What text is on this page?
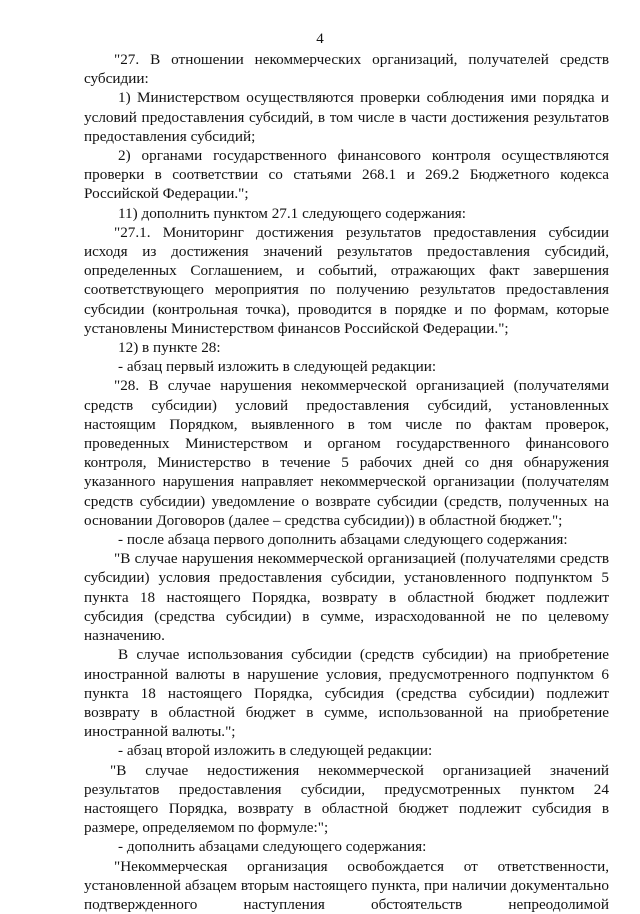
4

"27. В отношении некоммерческих организаций, получателей средств субсидии:

1) Министерством осуществляются проверки соблюдения ими порядка и условий предоставления субсидий, в том числе в части достижения результатов предоставления субсидий;

2) органами государственного финансового контроля осуществляются проверки в соответствии со статьями 268.1 и 269.2 Бюджетного кодекса Российской Федерации.";

11) дополнить пунктом 27.1 следующего содержания:

"27.1. Мониторинг достижения результатов предоставления субсидии исходя из достижения значений результатов предоставления субсидий, определенных Соглашением, и событий, отражающих факт завершения соответствующего мероприятия по получению результатов предоставления субсидии (контрольная точка), проводится в порядке и по формам, которые установлены Министерством финансов Российской Федерации.";

12) в пункте 28:

- абзац первый изложить в следующей редакции:

"28. В случае нарушения некоммерческой организацией (получателями средств субсидии) условий предоставления субсидий, установленных настоящим Порядком, выявленного в том числе по фактам проверок, проведенных Министерством и органом государственного финансового контроля, Министерство в течение 5 рабочих дней со дня обнаружения указанного нарушения направляет некоммерческой организации (получателям средств субсидии) уведомление о возврате субсидии (средств, полученных на основании Договоров (далее – средства субсидии)) в областной бюджет.";

- после абзаца первого дополнить абзацами следующего содержания:

"В случае нарушения некоммерческой организацией (получателями средств субсидии) условия предоставления субсидии, установленного подпунктом 5 пункта 18 настоящего Порядка, возврату в областной бюджет подлежит субсидия (средства субсидии) в сумме, израсходованной не по целевому назначению.

В случае использования субсидии (средств субсидии) на приобретение иностранной валюты в нарушение условия, предусмотренного подпунктом 6 пункта 18 настоящего Порядка, субсидия (средства субсидии) подлежит возврату в областной бюджет в сумме, использованной на приобретение иностранной валюты.";

- абзац второй изложить в следующей редакции:

"В случае недостижения некоммерческой организацией значений результатов предоставления субсидии, предусмотренных пунктом 24 настоящего Порядка, возврату в областной бюджет подлежит субсидия в размере, определяемом по формуле:";

- дополнить абзацами следующего содержания:

"Некоммерческая организация освобождается от ответственности, установленной абзацем вторым настоящего пункта, при наличии документально подтвержденного наступления обстоятельств непреодолимой
